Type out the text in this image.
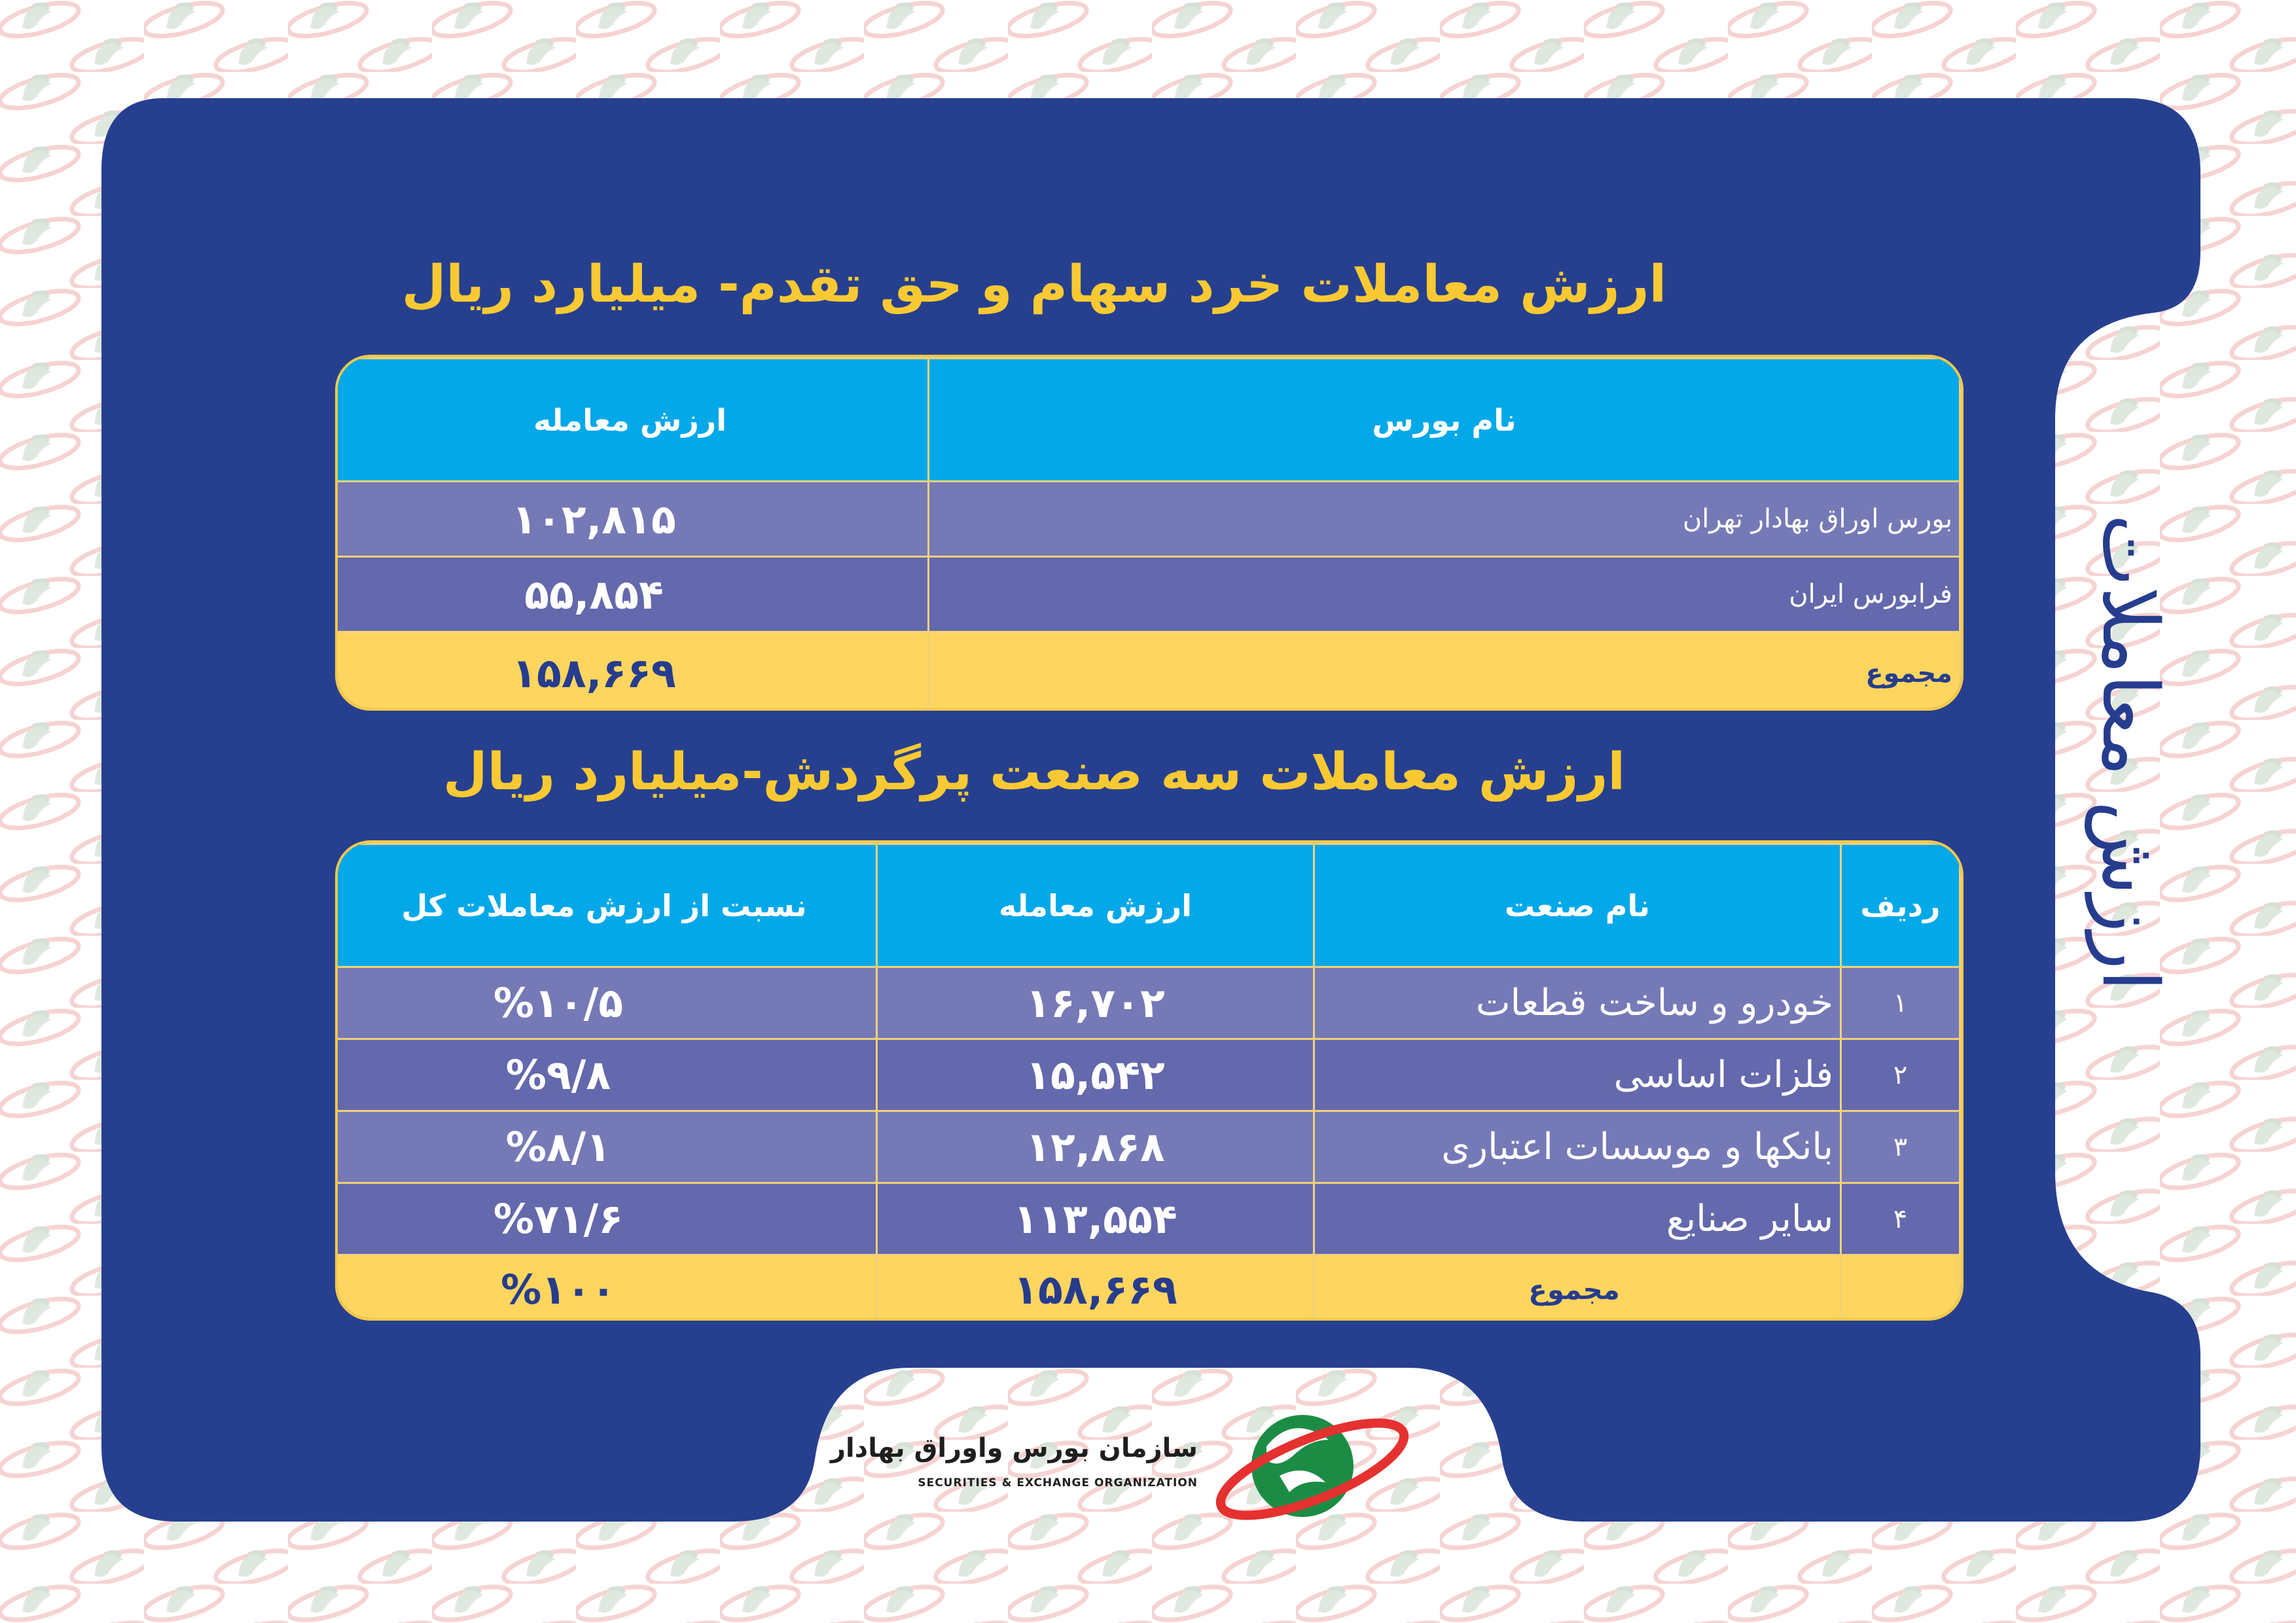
ارزش معاملات خرد سهام و حق تقدم- میلیارد ریال
نام بورس	ارزش معامله
بورس اوراق بهادار تهران	۱۰۲,۸۱۵
فرابورس ایران	۵۵,۸۵۴
مجموع	۱۵۸,۶۶۹
ارزش معاملات سه صنعت پرگردش-میلیارد ریال
ردیف	نام صنعت	ارزش معامله	نسبت از ارزش معاملات کل
۱	خودرو و ساخت قطعات	۱۶,۷۰۲	%۱۰/۵
۲	فلزات اساسی	۱۵,۵۴۲	%۹/۸
۳	بانکها و موسسات اعتباری	۱۲,۸۶۸	%۸/۱
۴	سایر صنایع	۱۱۳,۵۵۴	%۷۱/۶
	مجموع	۱۵۸,۶۶۹	%۱۰۰
ارزش معاملات
سازمان بورس واوراق بهادار
SECURITIES & EXCHANGE ORGANIZATION
